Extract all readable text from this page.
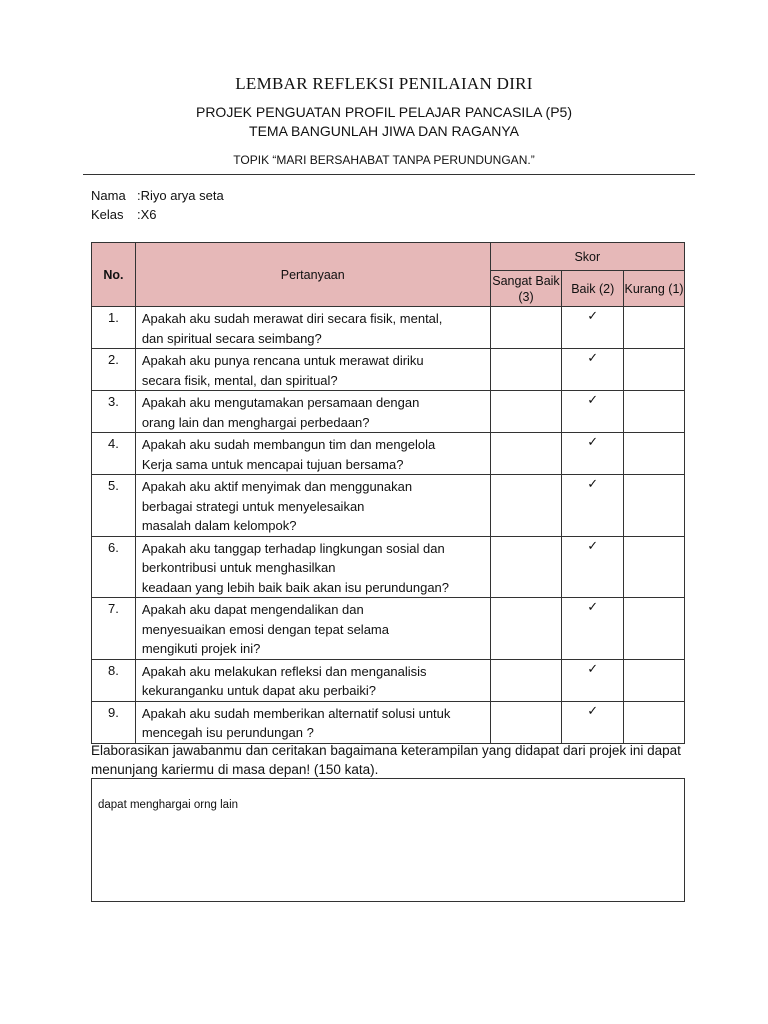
LEMBAR REFLEKSI PENILAIAN DIRI
PROJEK PENGUATAN PROFIL PELAJAR PANCASILA (P5)
TEMA BANGUNLAH JIWA DAN RAGANYA
TOPIK “MARI BERSAHABAT TANPA PERUNDUNGAN.”
Nama :Riyo arya seta
Kelas :X6
No.	Pertanyaan	Skor		
		Sangat Baik (3)	Baik (2)	Kurang (1)
1.	Apakah aku sudah merawat diri secara fisik, mental,
dan spiritual secara seimbang?		✓	
2.	Apakah aku punya rencana untuk merawat diriku
secara fisik, mental, dan spiritual?		✓	
3.	Apakah aku mengutamakan persamaan dengan
orang lain dan menghargai perbedaan?		✓	
4.	Apakah aku sudah membangun tim dan mengelola
Kerja sama untuk mencapai tujuan bersama?		✓	
5.	Apakah aku aktif menyimak dan menggunakan
berbagai strategi untuk menyelesaikan
masalah dalam kelompok?		✓	
6.	Apakah aku tanggap terhadap lingkungan sosial dan
berkontribusi untuk menghasilkan
keadaan yang lebih baik baik akan isu perundungan?		✓	
7.	Apakah aku dapat mengendalikan dan
menyesuaikan emosi dengan tepat selama
mengikuti projek ini?		✓	
8.	Apakah aku melakukan refleksi dan menganalisis
kekuranganku untuk dapat aku perbaiki?		✓	
9.	Apakah aku sudah memberikan alternatif solusi untuk
mencegah isu perundungan ?		✓	
Elaborasikan jawabanmu dan ceritakan bagaimana keterampilan yang didapat dari projek ini dapat menunjang kariermu di masa depan! (150 kata).
dapat menghargai orng lain
